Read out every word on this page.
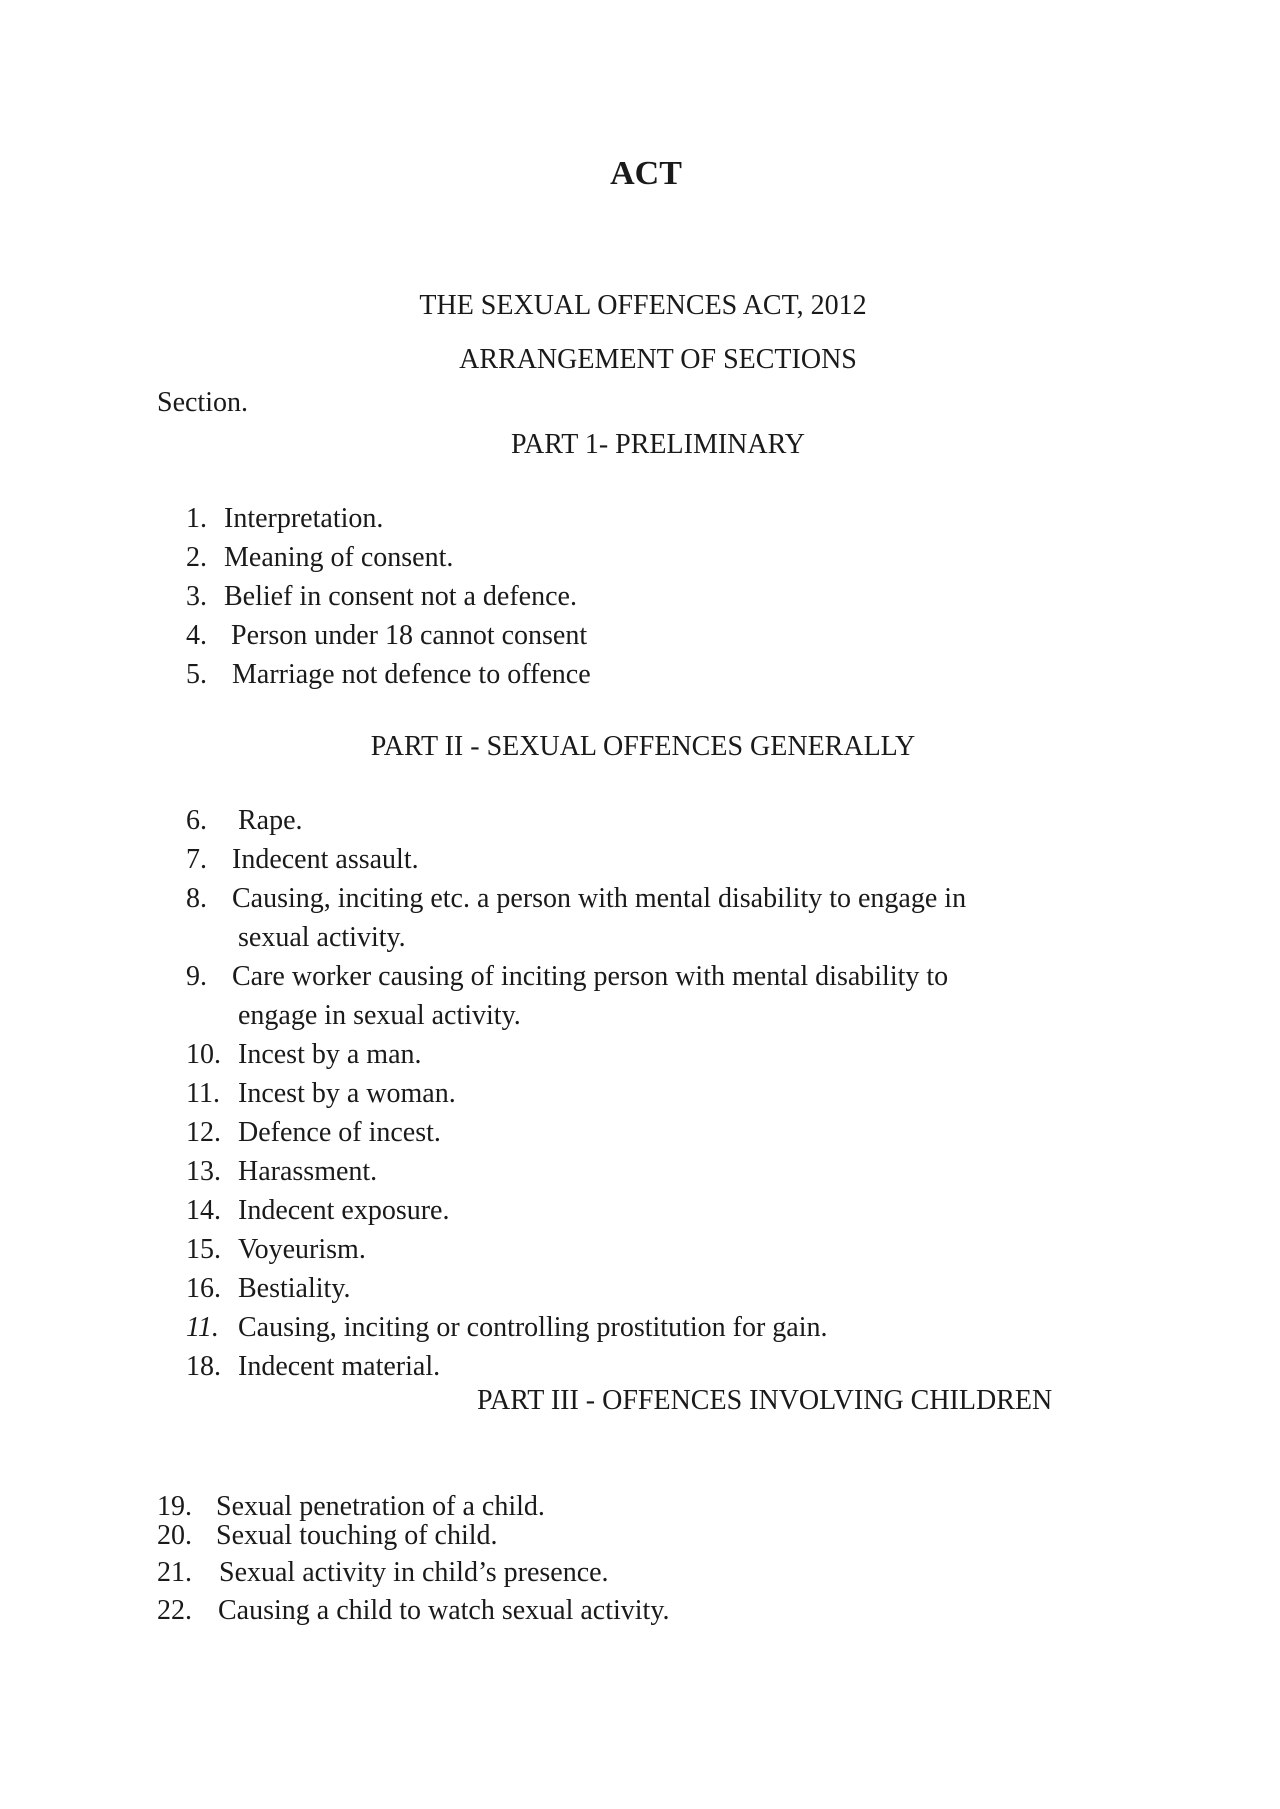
ACT
THE SEXUAL OFFENCES ACT, 2012
ARRANGEMENT OF SECTIONS
Section.
PART 1- PRELIMINARY
1. Interpretation.
2. Meaning of consent.
3. Belief in consent not a defence.
4. Person under 18 cannot consent
5. Marriage not defence to offence
PART II - SEXUAL OFFENCES GENERALLY
6. Rape.
7. Indecent assault.
8. Causing, inciting etc. a person with mental disability to engage in
sexual activity.
9. Care worker causing of inciting person with mental disability to
engage in sexual activity.
10. Incest by a man.
11. Incest by a woman.
12. Defence of incest.
13. Harassment.
14. Indecent exposure.
15. Voyeurism.
16. Bestiality.
11. Causing, inciting or controlling prostitution for gain.
18. Indecent material.
PART III - OFFENCES INVOLVING CHILDREN
19. Sexual penetration of a child.
20. Sexual touching of child.
21. Sexual activity in child’s presence.
22. Causing a child to watch sexual activity.
